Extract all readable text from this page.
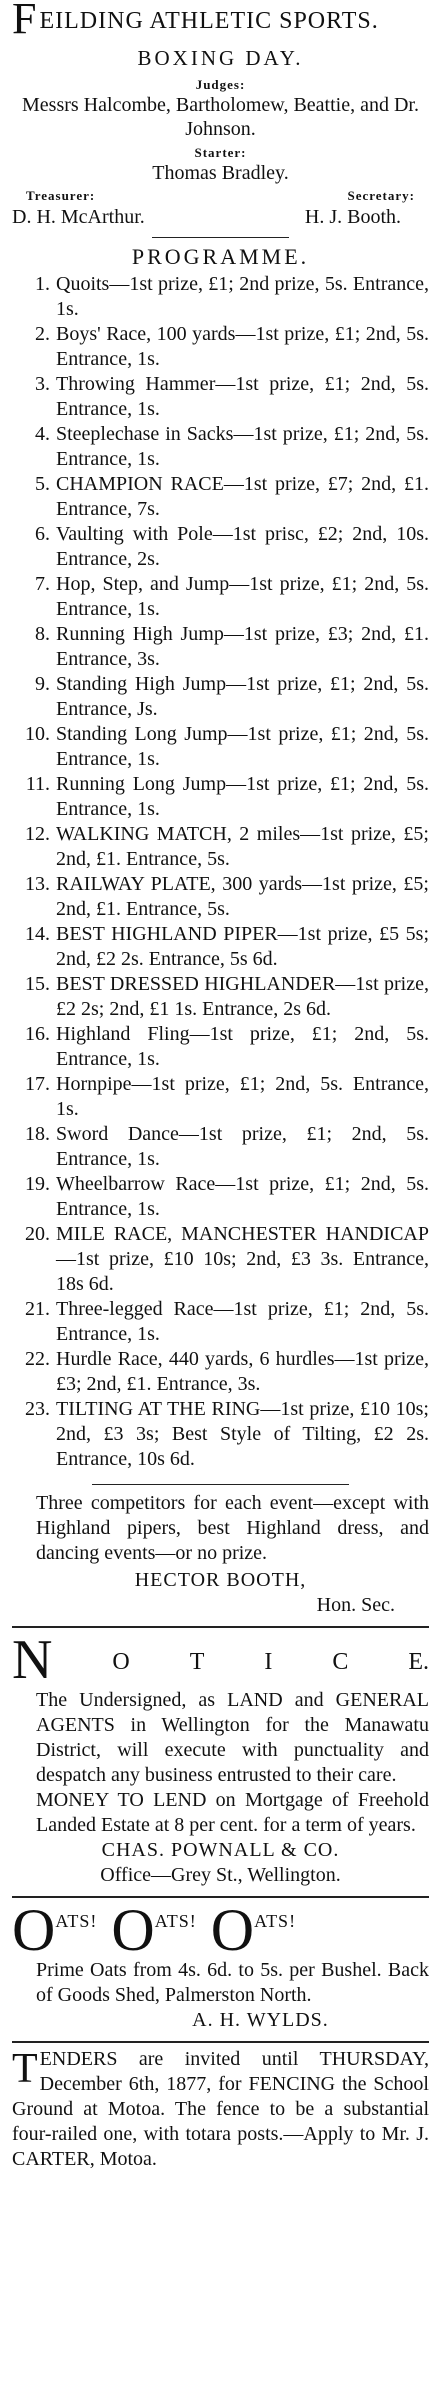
FEILDING ATHLETIC SPORTS.
BOXING DAY.
Judges:
Messrs Halcombe, Bartholomew, Beattie, and Dr. Johnson.
Starter:
Thomas Bradley.
Treasurer:	Secretary:
D. H. McArthur.	H. J. Booth.
PROGRAMME.
1. Quoits—1st prize, £1; 2nd prize, 5s. Entrance, 1s.
2. Boys' Race, 100 yards—1st prize, £1; 2nd, 5s. Entrance, 1s.
3. Throwing Hammer—1st prize, £1; 2nd, 5s. Entrance, 1s.
4. Steeplechase in Sacks—1st prize, £1; 2nd, 5s. Entrance, 1s.
5. CHAMPION RACE—1st prize, £7; 2nd, £1. Entrance, 7s.
6. Vaulting with Pole—1st prisc, £2; 2nd, 10s. Entrance, 2s.
7. Hop, Step, and Jump—1st prize, £1; 2nd, 5s. Entrance, 1s.
8. Running High Jump—1st prize, £3; 2nd, £1. Entrance, 3s.
9. Standing High Jump—1st prize, £1; 2nd, 5s. Entrance, Js.
10. Standing Long Jump—1st prize, £1; 2nd, 5s. Entrance, 1s.
11. Running Long Jump—1st prize, £1; 2nd, 5s. Entrance, 1s.
12. WALKING MATCH, 2 miles—1st prize, £5; 2nd, £1. Entrance, 5s.
13. RAILWAY PLATE, 300 yards—1st prize, £5; 2nd, £1. Entrance, 5s.
14. BEST HIGHLAND PIPER—1st prize, £5 5s; 2nd, £2 2s. Entrance, 5s 6d.
15. BEST DRESSED HIGHLANDER—1st prize, £2 2s; 2nd, £1 1s. Entrance, 2s 6d.
16. Highland Fling—1st prize, £1; 2nd, 5s. Entrance, 1s.
17. Hornpipe—1st prize, £1; 2nd, 5s. Entrance, 1s.
18. Sword Dance—1st prize, £1; 2nd, 5s. Entrance, 1s.
19. Wheelbarrow Race—1st prize, £1; 2nd, 5s. Entrance, 1s.
20. MILE RACE, MANCHESTER HANDICAP—1st prize, £10 10s; 2nd, £3 3s. Entrance, 18s 6d.
21. Three-legged Race—1st prize, £1; 2nd, 5s. Entrance, 1s.
22. Hurdle Race, 440 yards, 6 hurdles—1st prize, £3; 2nd, £1. Entrance, 3s.
23. TILTING AT THE RING—1st prize, £10 10s; 2nd, £3 3s; Best Style of Tilting, £2 2s. Entrance, 10s 6d.
Three competitors for each event—except with Highland pipers, best Highland dress, and dancing events—or no prize.
HECTOR BOOTH,
Hon. Sec.
N O T I C E.
The Undersigned, as LAND and GENERAL AGENTS in Wellington for the Manawatu District, will execute with punctuality and despatch any business entrusted to their care.
MONEY TO LEND on Mortgage of Freehold Landed Estate at 8 per cent. for a term of years.
CHAS. POWNALL & CO.
Office—Grey St., Wellington.
O ATS! O ATS! O ATS!
Prime Oats from 4s. 6d. to 5s. per Bushel. Back of Goods Shed, Palmerston North.
A. H. WYLDS.
TENDERS are invited until THURSDAY, December 6th, 1877, for FENCING the School Ground at Motoa. The fence to be a substantial four-railed one, with totara posts.—Apply to Mr. J. CARTER, Motoa.
